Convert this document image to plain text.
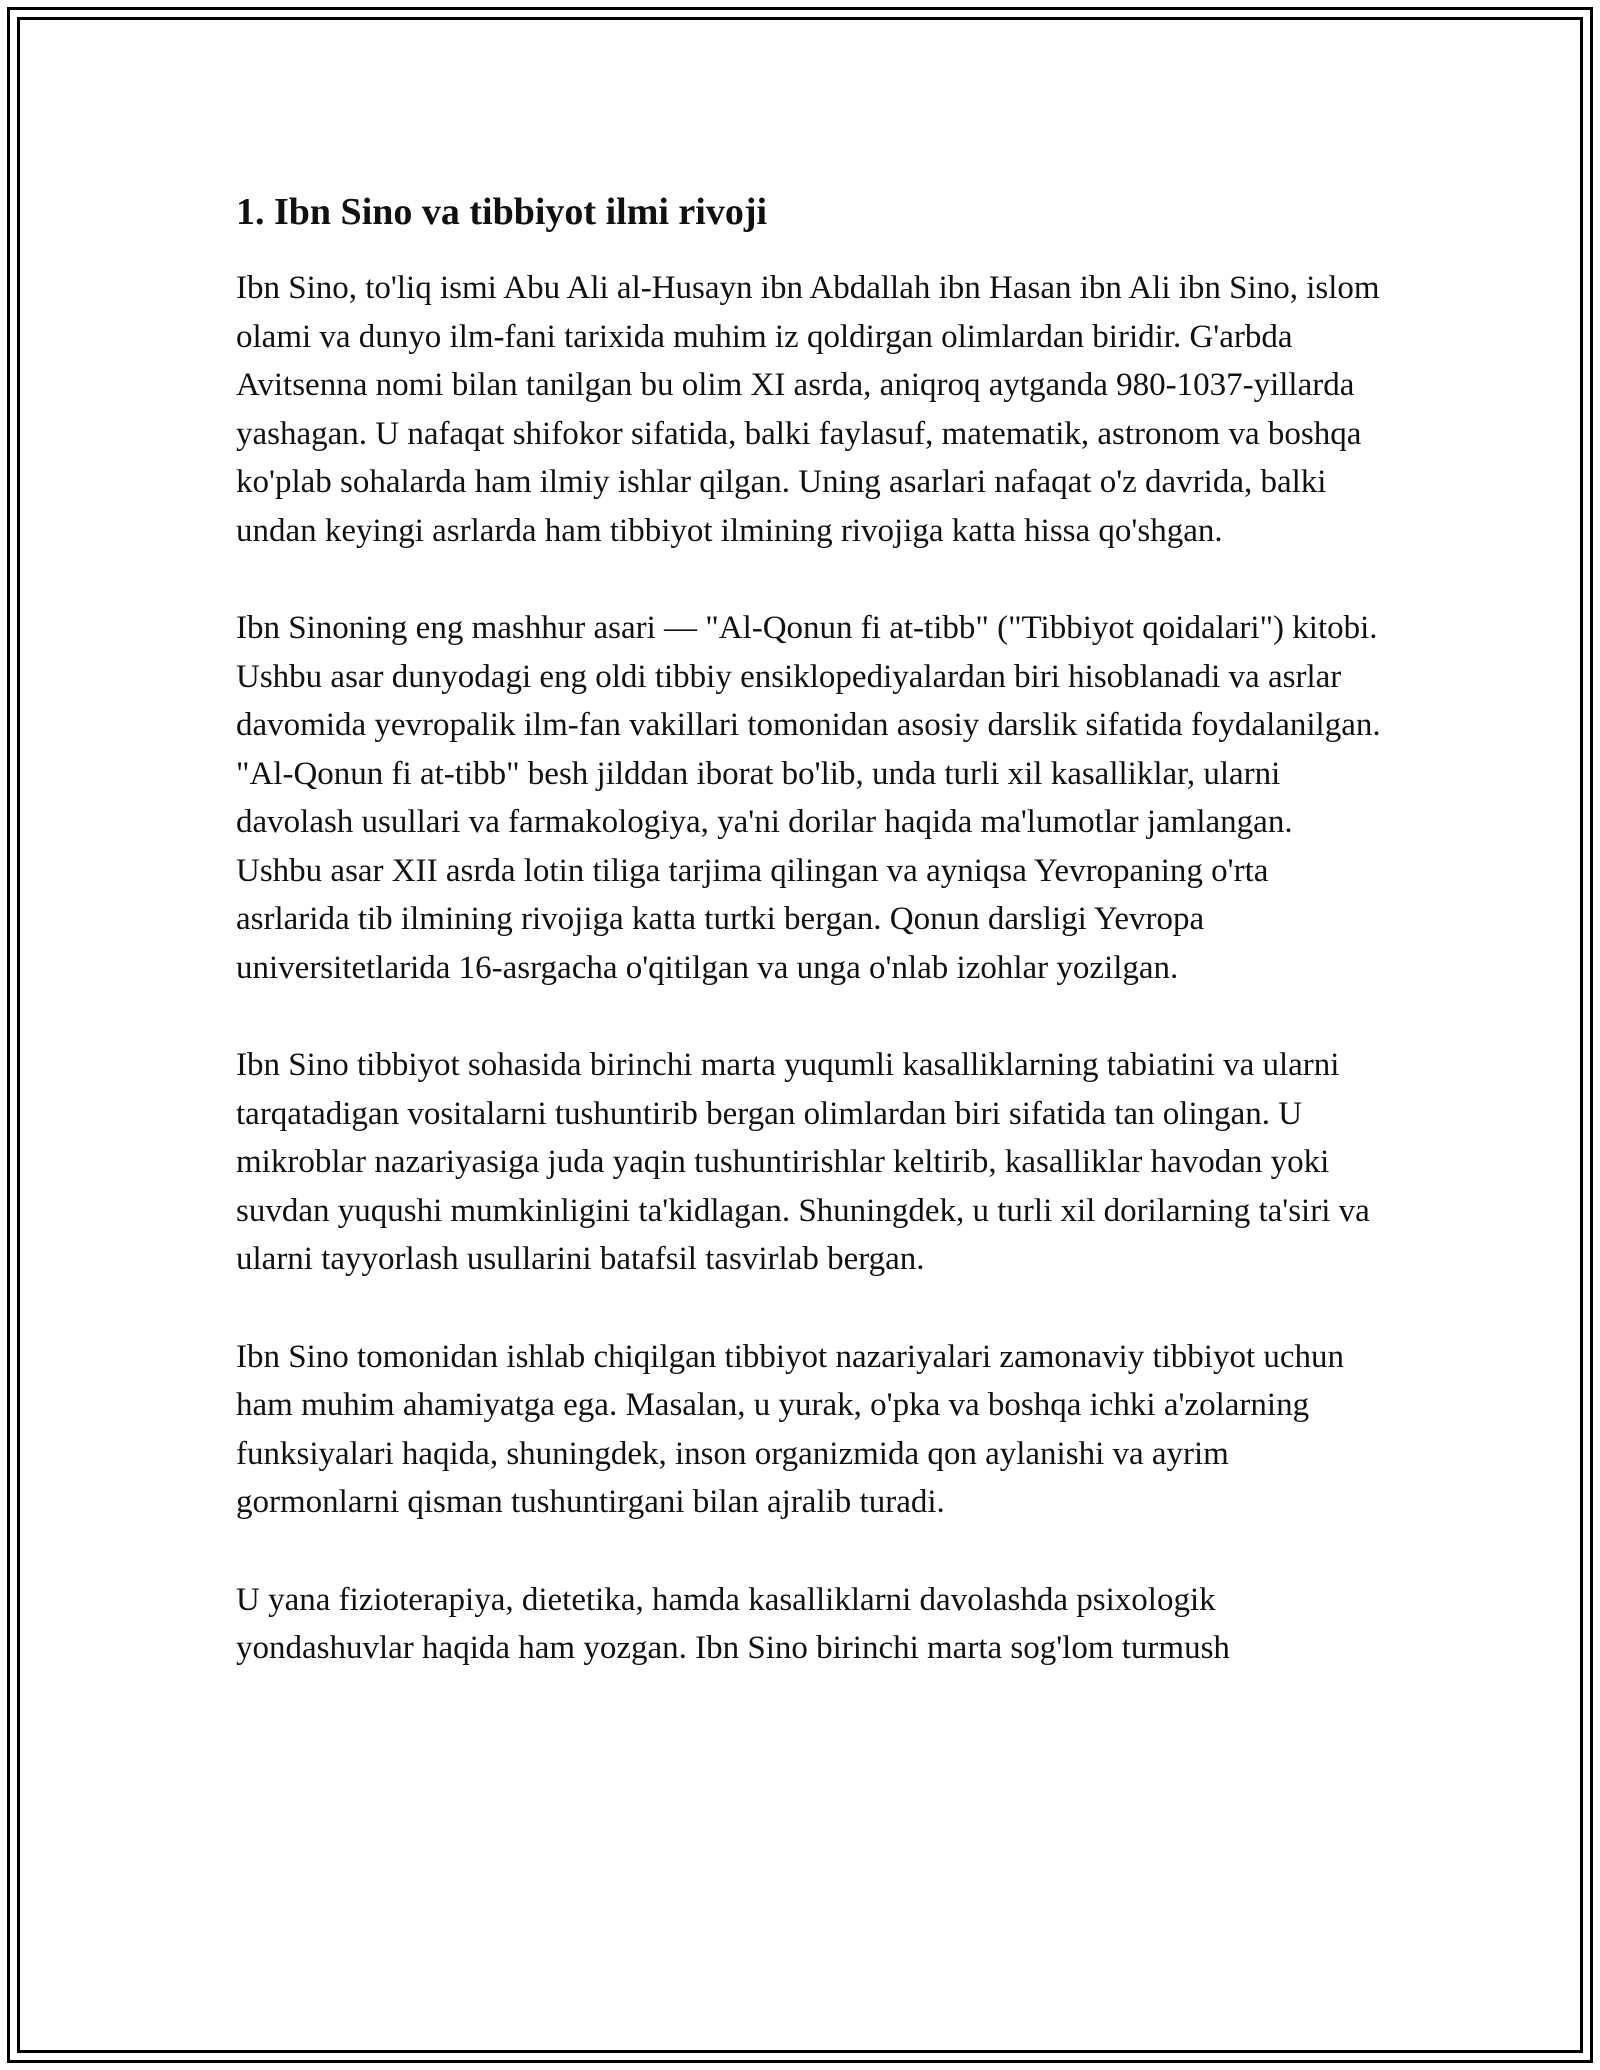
1. Ibn Sino va tibbiyot ilmi rivoji

Ibn Sino, to'liq ismi Abu Ali al-Husayn ibn Abdallah ibn Hasan ibn Ali ibn Sino, islom olami va dunyo ilm-fani tarixida muhim iz qoldirgan olimlardan biridir. G'arbda Avitsenna nomi bilan tanilgan bu olim XI asrda, aniqroq aytganda 980-1037-yillarda yashagan. U nafaqat shifokor sifatida, balki faylasuf, matematik, astronom va boshqa ko'plab sohalarda ham ilmiy ishlar qilgan. Uning asarlari nafaqat o'z davrida, balki undan keyingi asrlarda ham tibbiyot ilmining rivojiga katta hissa qo'shgan.

Ibn Sinoning eng mashhur asari — "Al-Qonun fi at-tibb" ("Tibbiyot qoidalari") kitobi. Ushbu asar dunyodagi eng oldi tibbiy ensiklopediyalardan biri hisoblanadi va asrlar davomida yevropalik ilm-fan vakillari tomonidan asosiy darslik sifatida foydalanilgan. "Al-Qonun fi at-tibb" besh jilddan iborat bo'lib, unda turli xil kasalliklar, ularni davolash usullari va farmakologiya, ya'ni dorilar haqida ma'lumotlar jamlangan. Ushbu asar XII asrda lotin tiliga tarjima qilingan va ayniqsa Yevropaning o'rta asrlarida tib ilmining rivojiga katta turtki bergan. Qonun darsligi Yevropa universitetlarida 16-asrgacha o'qitilgan va unga o'nlab izohlar yozilgan.

Ibn Sino tibbiyot sohasida birinchi marta yuqumli kasalliklarning tabiatini va ularni tarqatadigan vositalarni tushuntirib bergan olimlardan biri sifatida tan olingan. U mikroblar nazariyasiga juda yaqin tushuntirishlar keltirib, kasalliklar havodan yoki suvdan yuqushi mumkinligini ta'kidlagan. Shuningdek, u turli xil dorilarning ta'siri va ularni tayyorlash usullarini batafsil tasvirlab bergan.

Ibn Sino tomonidan ishlab chiqilgan tibbiyot nazariyalari zamonaviy tibbiyot uchun ham muhim ahamiyatga ega. Masalan, u yurak, o'pka va boshqa ichki a'zolarning funksiyalari haqida, shuningdek, inson organizmida qon aylanishi va ayrim gormonlarni qisman tushuntirgani bilan ajralib turadi.

U yana fizioterapiya, dietetika, hamda kasalliklarni davolashda psixologik yondashuvlar haqida ham yozgan. Ibn Sino birinchi marta sog'lom turmush
